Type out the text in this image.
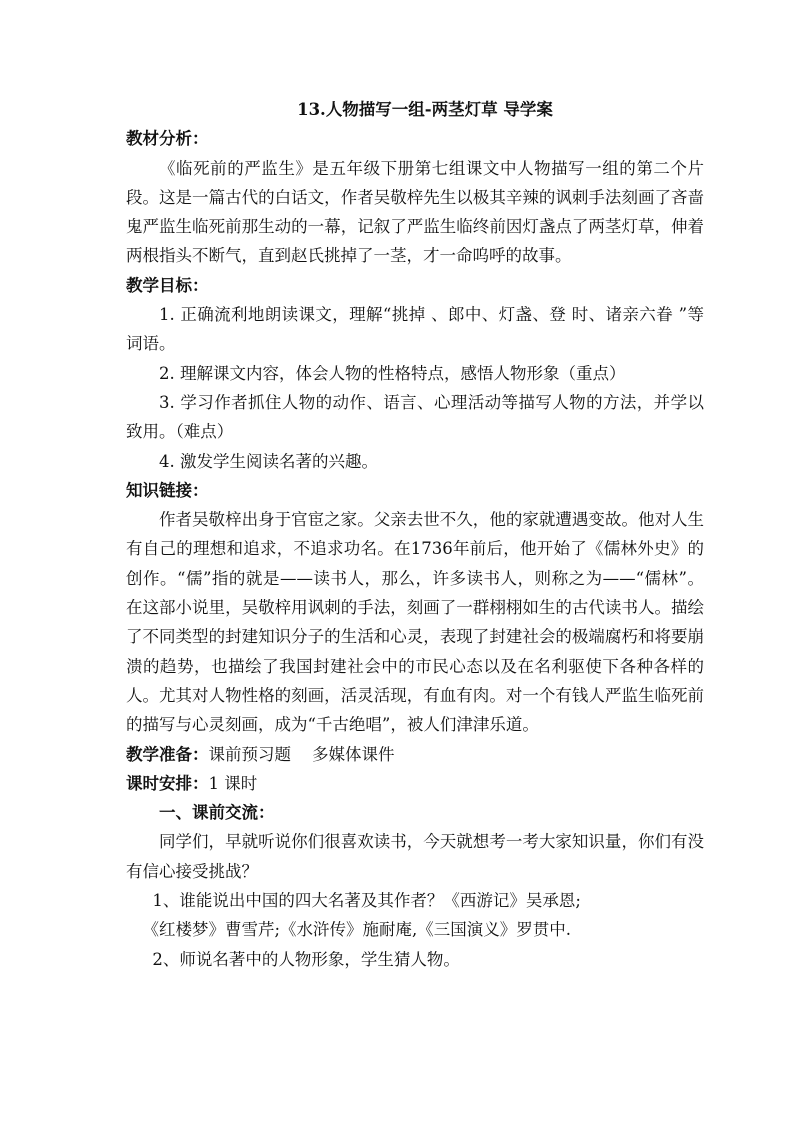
13.人物描写一组-两茎灯草 导学案

教材分析：

《临死前的严监生》是五年级下册第七组课文中人物描写一组的第二个片段。这是一篇古代的白话文，作者吴敬梓先生以极其辛辣的讽刺手法刻画了吝啬鬼严监生临死前那生动的一幕，记叙了严监生临终前因灯盏点了两茎灯草，伸着两根指头不断气，直到赵氏挑掉了一茎，才一命呜呼的故事。

教学目标：

1. 正确流利地朗读课文，理解“挑掉 、郎中、灯盏、登 时、诸亲六眷 ”等词语。

2. 理解课文内容，体会人物的性格特点，感悟人物形象（重点）

3. 学习作者抓住人物的动作、语言、心理活动等描写人物的方法，并学以致用。（难点）

4. 激发学生阅读名著的兴趣。

知识链接：

作者吴敬梓出身于官宦之家。父亲去世不久，他的家就遭遇变故。他对人生有自己的理想和追求，不追求功名。在1736年前后，他开始了《儒林外史》的创作。“儒”指的就是——读书人，那么，许多读书人，则称之为——“儒林”。在这部小说里，吴敬梓用讽刺的手法，刻画了一群栩栩如生的古代读书人。描绘了不同类型的封建知识分子的生活和心灵，表现了封建社会的极端腐朽和将要崩溃的趋势，也描绘了我国封建社会中的市民心态以及在名利驱使下各种各样的人。尤其对人物性格的刻画，活灵活现，有血有肉。对一个有钱人严监生临死前的描写与心灵刻画，成为“千古绝唱”，被人们津津乐道。

教学准备：课前预习题    多媒体课件

课时安排：1 课时

一、课前交流：

同学们，早就听说你们很喜欢读书，今天就想考一考大家知识量，你们有没有信心接受挑战？

1、谁能说出中国的四大名著及其作者？《西游记》吴承恩;

《红楼梦》曹雪芹;《水浒传》施耐庵,《三国演义》罗贯中.

2、师说名著中的人物形象，学生猜人物。
